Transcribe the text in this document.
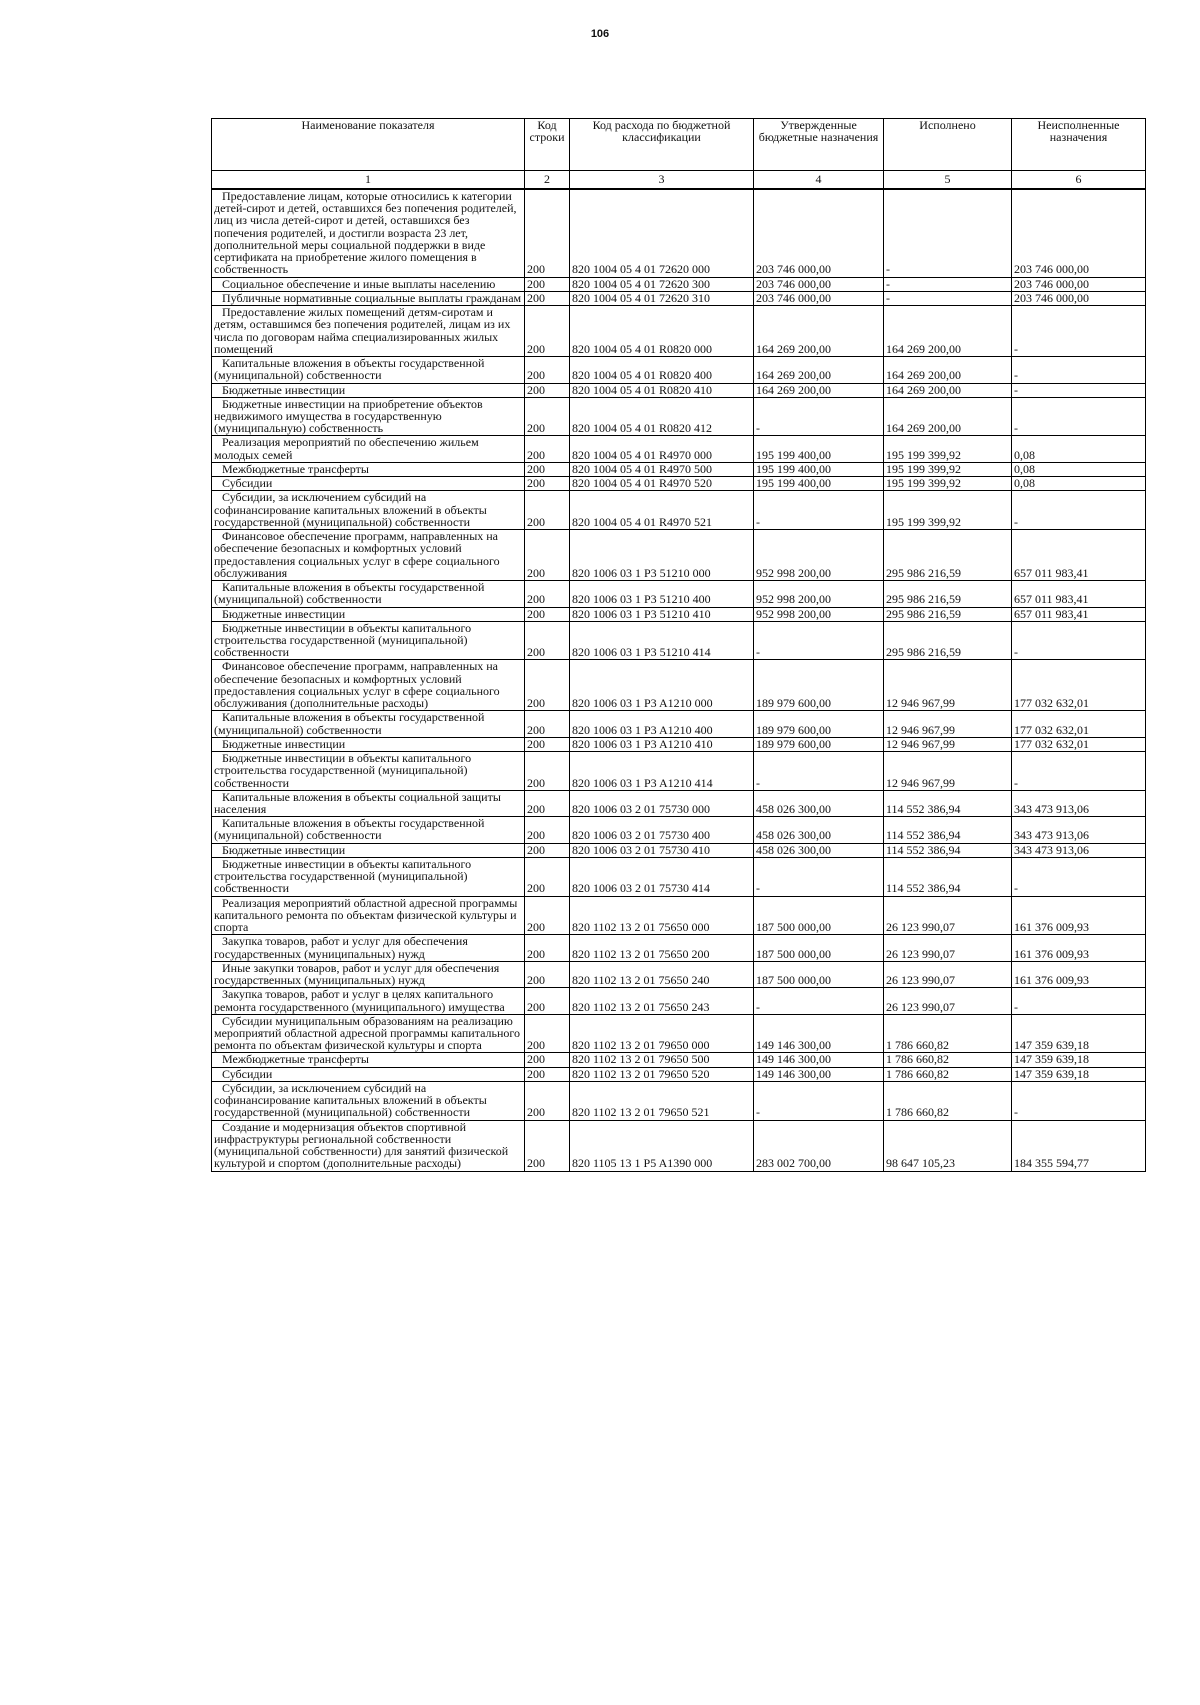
106
Наименование показателя	Код строки	Код расхода по бюджетной классификации	Утвержденные бюджетные назначения	Исполнено	Неисполненные назначения
1	2	3	4	5	6
Предоставление лицам, которые относились к категории детей-сирот и детей, оставшихся без попечения родителей, лиц из числа детей-сирот и детей, оставшихся без попечения родителей, и достигли возраста 23 лет, дополнительной меры социальной поддержки в виде сертификата на приобретение жилого помещения в собственность	200	820 1004 05 4 01 72620 000	203 746 000,00	-	203 746 000,00
Социальное обеспечение и иные выплаты населению	200	820 1004 05 4 01 72620 300	203 746 000,00	-	203 746 000,00
Публичные нормативные социальные выплаты гражданам	200	820 1004 05 4 01 72620 310	203 746 000,00	-	203 746 000,00
Предоставление жилых помещений детям-сиротам и детям, оставшимся без попечения родителей, лицам из их числа по договорам найма специализированных жилых помещений	200	820 1004 05 4 01 R0820 000	164 269 200,00	164 269 200,00	-
Капитальные вложения в объекты государственной (муниципальной) собственности	200	820 1004 05 4 01 R0820 400	164 269 200,00	164 269 200,00	-
Бюджетные инвестиции	200	820 1004 05 4 01 R0820 410	164 269 200,00	164 269 200,00	-
Бюджетные инвестиции на приобретение объектов недвижимого имущества в государственную (муниципальную) собственность	200	820 1004 05 4 01 R0820 412	-	164 269 200,00	-
Реализация мероприятий по обеспечению жильем молодых семей	200	820 1004 05 4 01 R4970 000	195 199 400,00	195 199 399,92	0,08
Межбюджетные трансферты	200	820 1004 05 4 01 R4970 500	195 199 400,00	195 199 399,92	0,08
Субсидии	200	820 1004 05 4 01 R4970 520	195 199 400,00	195 199 399,92	0,08
Субсидии, за исключением субсидий на софинансирование капитальных вложений в объекты государственной (муниципальной) собственности	200	820 1004 05 4 01 R4970 521	-	195 199 399,92	-
Финансовое обеспечение программ, направленных на обеспечение безопасных и комфортных условий предоставления социальных услуг в сфере социального обслуживания	200	820 1006 03 1 P3 51210 000	952 998 200,00	295 986 216,59	657 011 983,41
Капитальные вложения в объекты государственной (муниципальной) собственности	200	820 1006 03 1 P3 51210 400	952 998 200,00	295 986 216,59	657 011 983,41
Бюджетные инвестиции	200	820 1006 03 1 P3 51210 410	952 998 200,00	295 986 216,59	657 011 983,41
Бюджетные инвестиции в объекты капитального строительства государственной (муниципальной) собственности	200	820 1006 03 1 P3 51210 414	-	295 986 216,59	-
Финансовое обеспечение программ, направленных на обеспечение безопасных и комфортных условий предоставления социальных услуг в сфере социального обслуживания (дополнительные расходы)	200	820 1006 03 1 P3 A1210 000	189 979 600,00	12 946 967,99	177 032 632,01
Капитальные вложения в объекты государственной (муниципальной) собственности	200	820 1006 03 1 P3 A1210 400	189 979 600,00	12 946 967,99	177 032 632,01
Бюджетные инвестиции	200	820 1006 03 1 P3 A1210 410	189 979 600,00	12 946 967,99	177 032 632,01
Бюджетные инвестиции в объекты капитального строительства государственной (муниципальной) собственности	200	820 1006 03 1 P3 A1210 414	-	12 946 967,99	-
Капитальные вложения в объекты социальной защиты населения	200	820 1006 03 2 01 75730 000	458 026 300,00	114 552 386,94	343 473 913,06
Капитальные вложения в объекты государственной (муниципальной) собственности	200	820 1006 03 2 01 75730 400	458 026 300,00	114 552 386,94	343 473 913,06
Бюджетные инвестиции	200	820 1006 03 2 01 75730 410	458 026 300,00	114 552 386,94	343 473 913,06
Бюджетные инвестиции в объекты капитального строительства государственной (муниципальной) собственности	200	820 1006 03 2 01 75730 414	-	114 552 386,94	-
Реализация мероприятий областной адресной программы капитального ремонта по объектам физической культуры и спорта	200	820 1102 13 2 01 75650 000	187 500 000,00	26 123 990,07	161 376 009,93
Закупка товаров, работ и услуг для обеспечения государственных (муниципальных) нужд	200	820 1102 13 2 01 75650 200	187 500 000,00	26 123 990,07	161 376 009,93
Иные закупки товаров, работ и услуг для обеспечения государственных (муниципальных) нужд	200	820 1102 13 2 01 75650 240	187 500 000,00	26 123 990,07	161 376 009,93
Закупка товаров, работ и услуг в целях капитального ремонта государственного (муниципального) имущества	200	820 1102 13 2 01 75650 243	-	26 123 990,07	-
Субсидии муниципальным образованиям на реализацию мероприятий областной адресной программы капитального ремонта по объектам физической культуры и спорта	200	820 1102 13 2 01 79650 000	149 146 300,00	1 786 660,82	147 359 639,18
Межбюджетные трансферты	200	820 1102 13 2 01 79650 500	149 146 300,00	1 786 660,82	147 359 639,18
Субсидии	200	820 1102 13 2 01 79650 520	149 146 300,00	1 786 660,82	147 359 639,18
Субсидии, за исключением субсидий на софинансирование капитальных вложений в объекты государственной (муниципальной) собственности	200	820 1102 13 2 01 79650 521	-	1 786 660,82	-
Создание и модернизация объектов спортивной инфраструктуры региональной собственности (муниципальной собственности) для занятий физической культурой и спортом (дополнительные расходы)	200	820 1105 13 1 P5 A1390 000	283 002 700,00	98 647 105,23	184 355 594,77
